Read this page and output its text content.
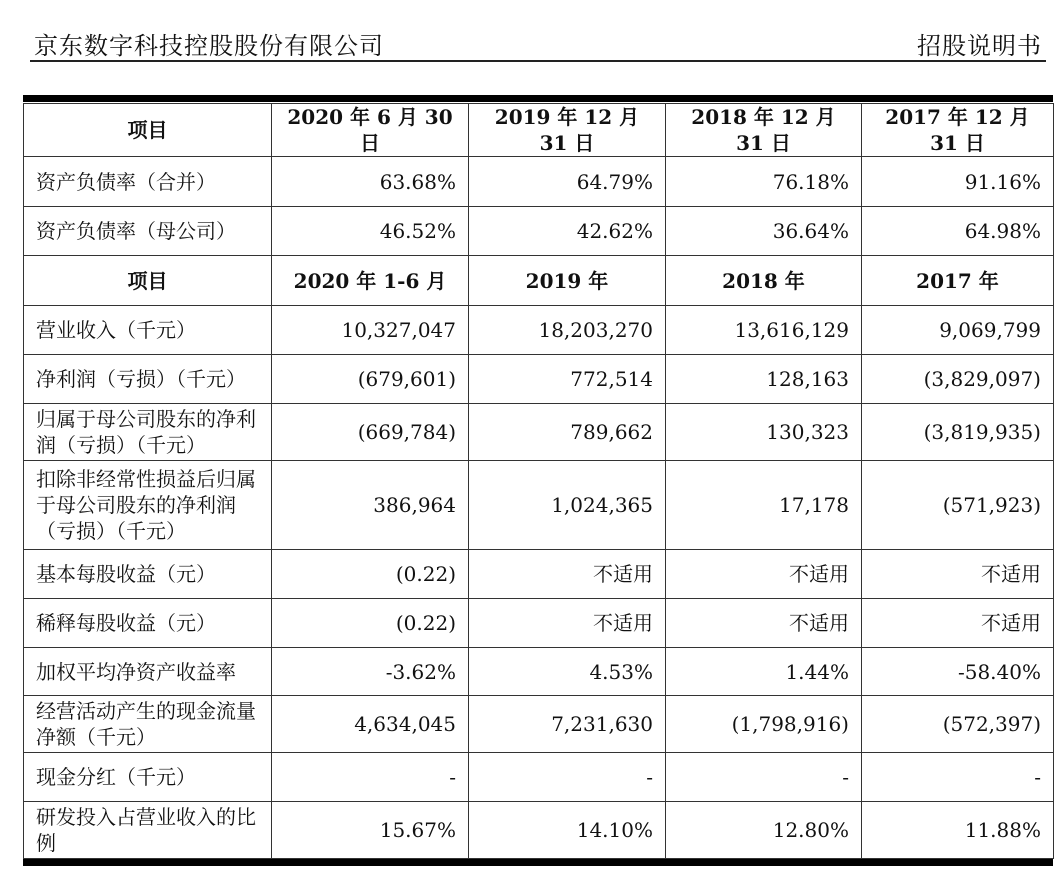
京东数字科技控股股份有限公司	招股说明书
项目	2020 年 6 月 30 日	2019 年 12 月 31 日	2018 年 12 月 31 日	2017 年 12 月 31 日
资产负债率（合并）	63.68%	64.79%	76.18%	91.16%
资产负债率（母公司）	46.52%	42.62%	36.64%	64.98%
项目	2020 年 1-6 月	2019 年	2018 年	2017 年
营业收入（千元）	10,327,047	18,203,270	13,616,129	9,069,799
净利润（亏损）（千元）	(679,601)	772,514	128,163	(3,829,097)
归属于母公司股东的净利润（亏损）（千元）	(669,784)	789,662	130,323	(3,819,935)
扣除非经常性损益后归属于母公司股东的净利润（亏损）（千元）	386,964	1,024,365	17,178	(571,923)
基本每股收益（元）	(0.22)	不适用	不适用	不适用
稀释每股收益（元）	(0.22)	不适用	不适用	不适用
加权平均净资产收益率	-3.62%	4.53%	1.44%	-58.40%
经营活动产生的现金流量净额（千元）	4,634,045	7,231,630	(1,798,916)	(572,397)
现金分红（千元）	-	-	-	-
研发投入占营业收入的比例	15.67%	14.10%	12.80%	11.88%
